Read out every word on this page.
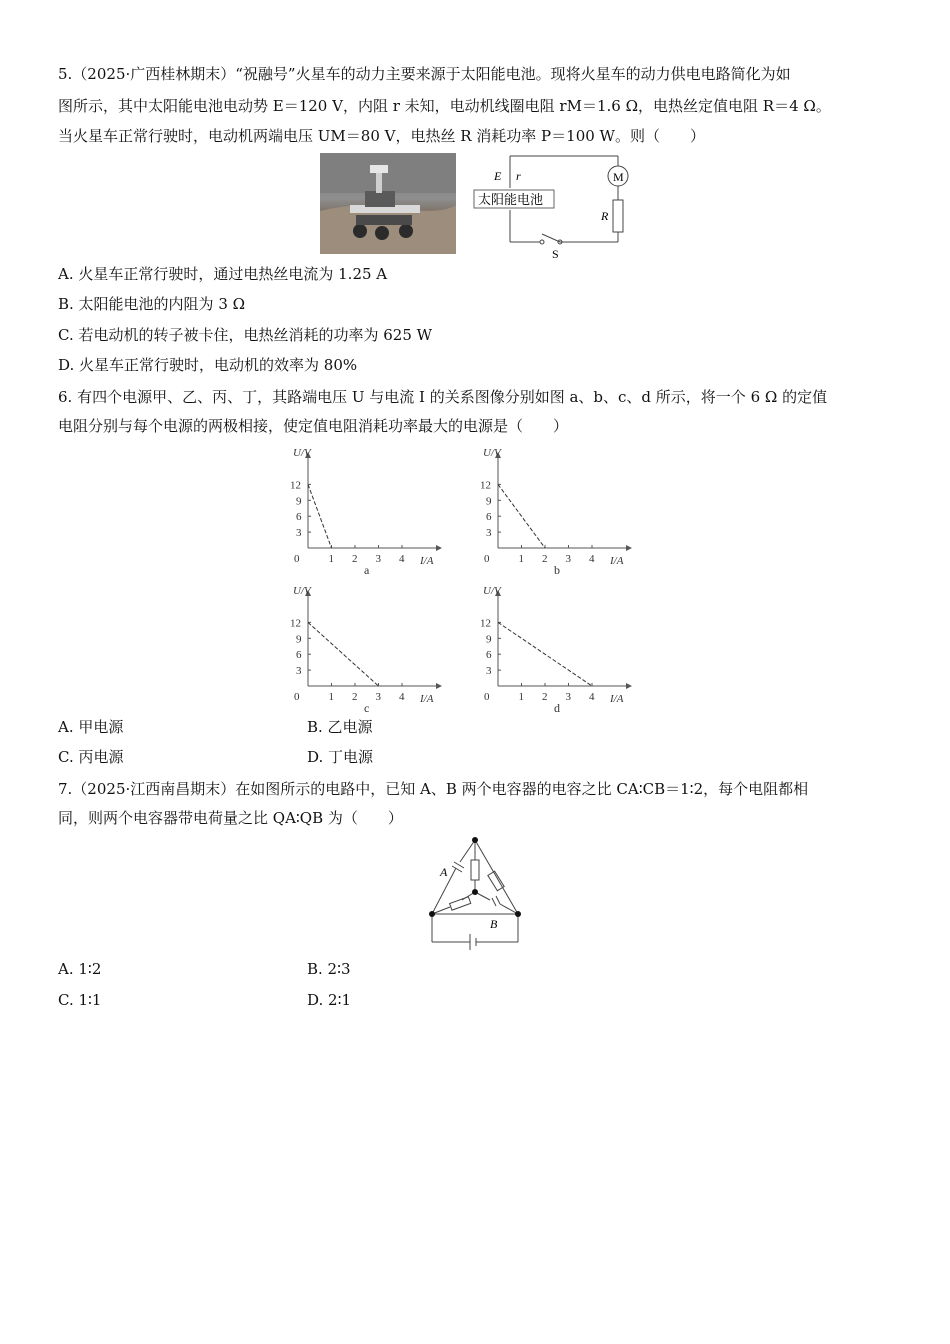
5.（2025·广西桂林期末）“祝融号”火星车的动力主要来源于太阳能电池。现将火星车的动力供电电路简化为如
图所示，其中太阳能电池电动势 E＝120 V，内阻 r 未知，电动机线圈电阻 rM＝1.6 Ω，电热丝定值电阻 R＝4 Ω。
当火星车正常行驶时，电动机两端电压 UM＝80 V，电热丝 R 消耗功率 P＝100 W。则（　　）
E r
太阳能电池
M
R
S
A. 火星车正常行驶时，通过电热丝电流为 1.25 A
B. 太阳能电池的内阻为 3 Ω
C. 若电动机的转子被卡住，电热丝消耗的功率为 625 W
D. 火星车正常行驶时，电动机的效率为 80%
6. 有四个电源甲、乙、丙、丁，其路端电压 U 与电流 I 的关系图像分别如图 a、b、c、d 所示，将一个 6 Ω 的定值
电阻分别与每个电源的两极相接，使定值电阻消耗功率最大的电源是（　　）
U/V
I/A
0	1 2 3 4
3
6
9
12
a
U/V
I/A
0	1 2 3 4
3
6
9
12
b
U/V
I/A
0	1 2 3 4
3
6
9
12
c
U/V
I/A
0	1 2 3 4
3
6
9
12
d
A. 甲电源	B. 乙电源
C. 丙电源	D. 丁电源
7.（2025·江西南昌期末）在如图所示的电路中，已知 A、B 两个电容器的电容之比 CA∶CB＝1∶2，每个电阻都相
同，则两个电容器带电荷量之比 QA∶QB 为（　　）
A
B
A. 1∶2	B. 2∶3
C. 1∶1	D. 2∶1
